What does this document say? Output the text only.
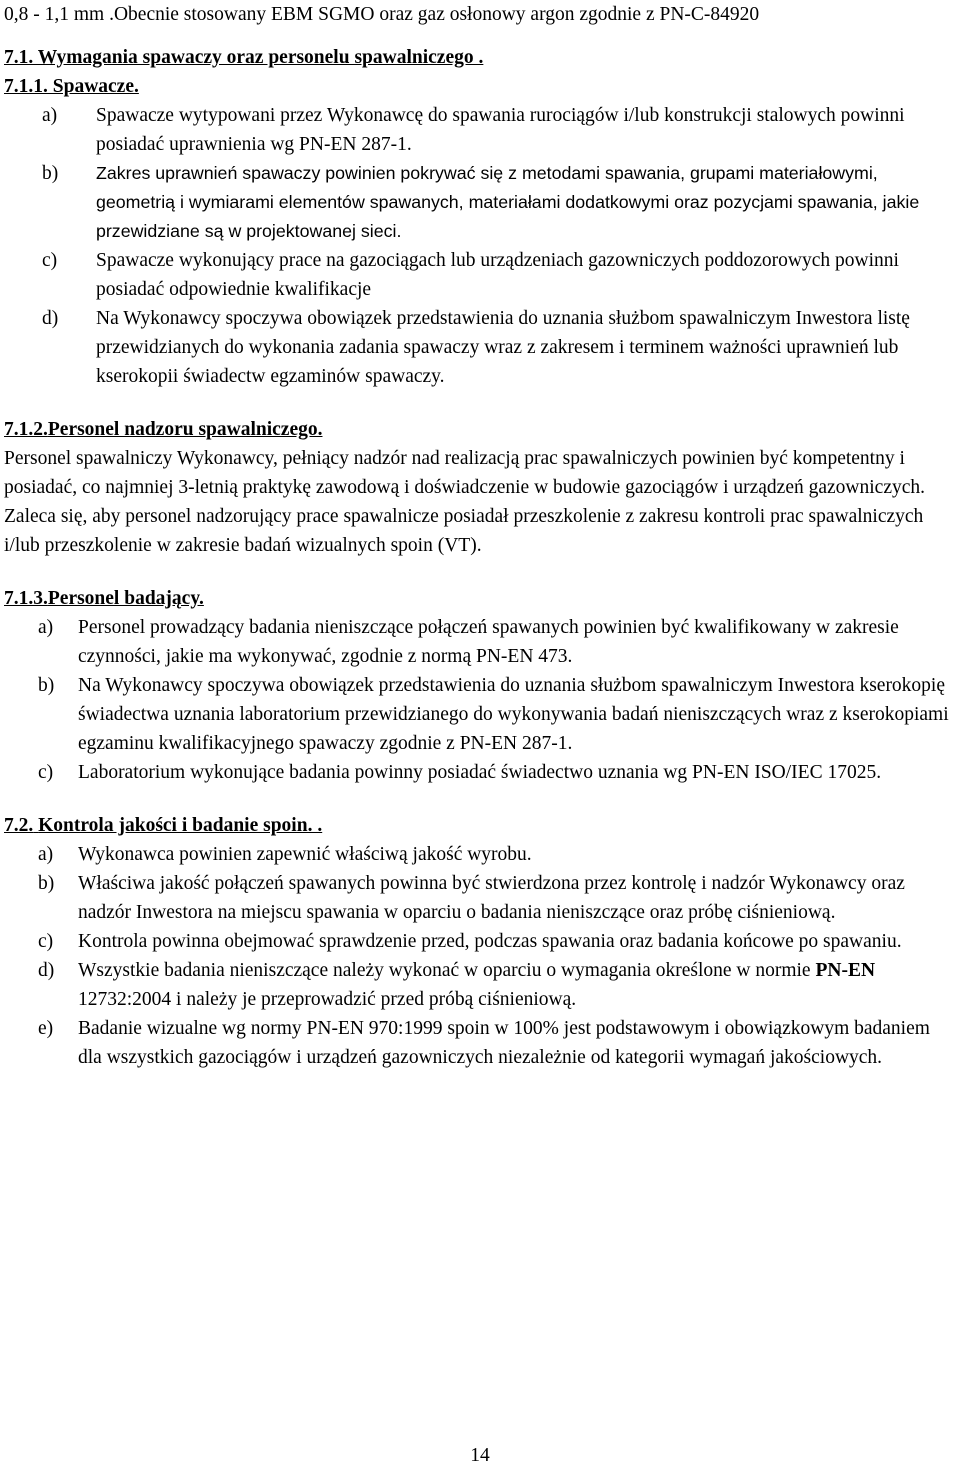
0,8 - 1,1 mm .Obecnie stosowany EBM SGMO oraz gaz osłonowy argon zgodnie z PN-C-84920

7.1. Wymagania spawaczy oraz personelu spawalniczego .

7.1.1. Spawacze.

a) Spawacze wytypowani przez Wykonawcę do spawania rurociągów i/lub konstrukcji stalowych powinni posiadać uprawnienia wg PN-EN 287-1.

b) Zakres uprawnień spawaczy powinien pokrywać się z metodami spawania, grupami materiałowymi, geometrią i wymiarami elementów spawanych, materiałami dodatkowymi oraz pozycjami spawania, jakie przewidziane są w projektowanej sieci.

c) Spawacze wykonujący prace na gazociągach lub urządzeniach gazowniczych poddozorowych powinni posiadać odpowiednie kwalifikacje

d) Na Wykonawcy spoczywa obowiązek przedstawienia do uznania służbom spawalniczym Inwestora listę przewidzianych do wykonania zadania spawaczy wraz z zakresem i terminem ważności uprawnień lub kserokopii świadectw egzaminów spawaczy.

7.1.2.Personel nadzoru spawalniczego.

Personel spawalniczy Wykonawcy, pełniący nadzór nad realizacją prac spawalniczych powinien być kompetentny i posiadać, co najmniej 3-letnią praktykę zawodową i doświadczenie w budowie gazociągów i urządzeń gazowniczych. Zaleca się, aby personel nadzorujący prace spawalnicze posiadał przeszkolenie z zakresu kontroli prac spawalniczych i/lub przeszkolenie w zakresie badań wizualnych spoin (VT).

7.1.3.Personel badający.

a) Personel prowadzący badania nieniszczące połączeń spawanych powinien być kwalifikowany w zakresie czynności, jakie ma wykonywać, zgodnie z normą PN-EN 473.

b) Na Wykonawcy spoczywa obowiązek przedstawienia do uznania służbom spawalniczym Inwestora kserokopię świadectwa uznania laboratorium przewidzianego do wykonywania badań nieniszczących wraz z kserokopiami egzaminu kwalifikacyjnego spawaczy zgodnie z PN-EN 287-1.

c) Laboratorium wykonujące badania powinny posiadać świadectwo uznania wg PN-EN ISO/IEC 17025.

7.2. Kontrola jakości i badanie spoin. .

a) Wykonawca powinien zapewnić właściwą jakość wyrobu.

b) Właściwa jakość połączeń spawanych powinna być stwierdzona przez kontrolę i nadzór Wykonawcy oraz nadzór Inwestora na miejscu spawania w oparciu o badania nieniszczące oraz próbę ciśnieniową.

c) Kontrola powinna obejmować sprawdzenie przed, podczas spawania oraz badania końcowe po spawaniu.

d) Wszystkie badania nieniszczące należy wykonać w oparciu o wymagania określone w normie PN-EN 12732:2004 i należy je przeprowadzić przed próbą ciśnieniową.

e) Badanie wizualne wg normy PN-EN 970:1999 spoin w 100% jest podstawowym i obowiązkowym badaniem dla wszystkich gazociągów i urządzeń gazowniczych niezależnie od kategorii wymagań jakościowych.

14
